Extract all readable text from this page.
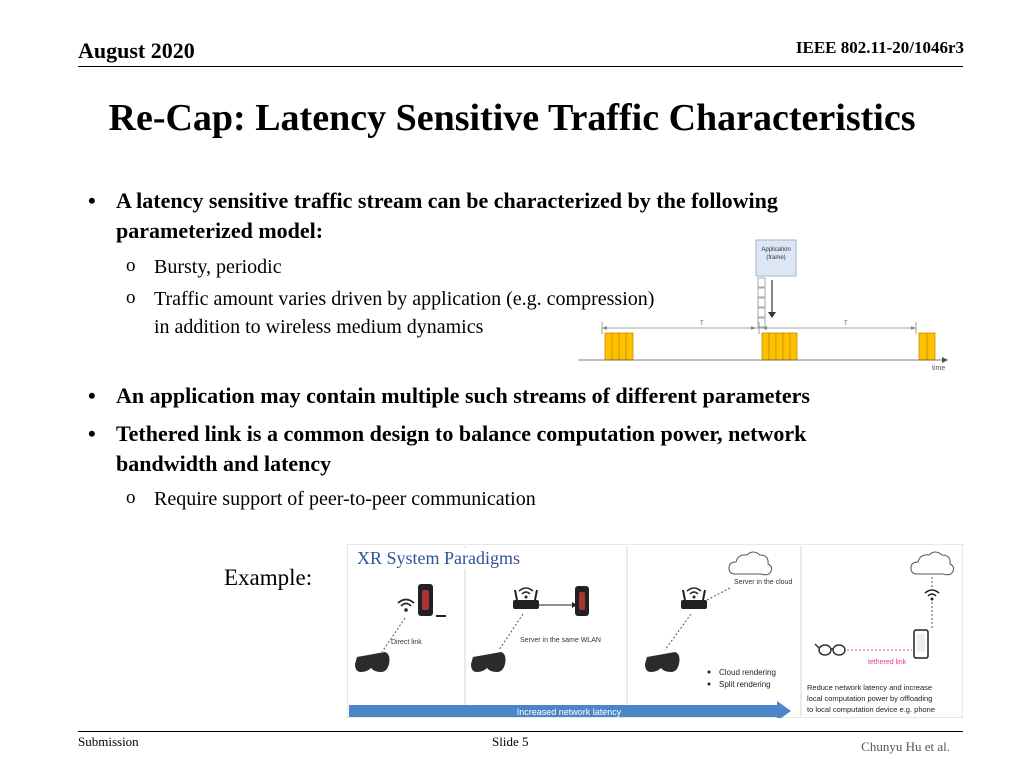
August 2020	IEEE 802.11-20/1046r3
Re-Cap: Latency Sensitive Traffic Characteristics
• A latency sensitive traffic stream can be characterized by the following
parameterized model:
o Bursty, periodic
o Traffic amount varies driven by application (e.g. compression)
in addition to wireless medium dynamics
Application
(frame)
T	T
time
• An application may contain multiple such streams of different parameters
• Tethered link is a common design to balance computation power, network
bandwidth and latency
o Require support of peer-to-peer communication
Example:
Direct link	Server in the same WLAN
Server in the cloud
Cloud rendering
Split rendering
tethered link
Reduce network latency and increase
local computation power by offloading
to local computation device e.g. phone
Increased network latency
XR System Paradigms
Submission	Slide 5	Chunyu Hu et al.
